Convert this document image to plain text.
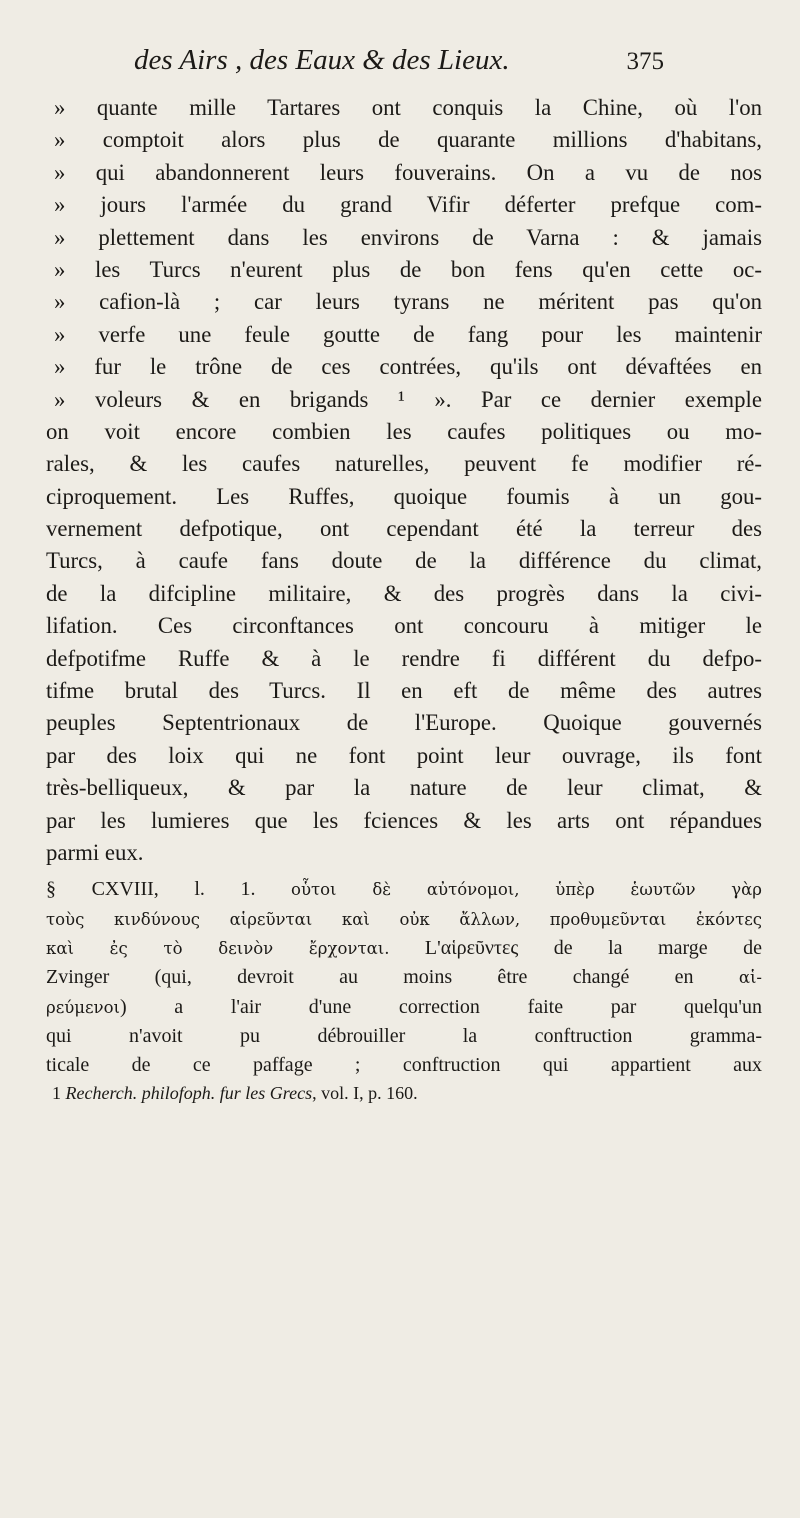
des Airs , des Eaux & des Lieux.	375
» quante mille Tartares ont conquis la Chine, où l'on
» comptoit alors plus de quarante millions d'habitans,
» qui abandonnerent leurs fouverains. On a vu de nos
» jours l'armée du grand Vifir déferter prefque com-
» plettement dans les environs de Varna : & jamais
» les Turcs n'eurent plus de bon fens qu'en cette oc-
» cafion-là ; car leurs tyrans ne méritent pas qu'on
» verfe une feule goutte de fang pour les maintenir
» fur le trône de ces contrées, qu'ils ont dévaftées en
» voleurs & en brigands ¹ ». Par ce dernier exemple
on voit encore combien les caufes politiques ou mo-
rales, & les caufes naturelles, peuvent fe modifier ré-
ciproquement. Les Ruffes, quoique foumis à un gou-
vernement defpotique, ont cependant été la terreur des
Turcs, à caufe fans doute de la différence du climat,
de la difcipline militaire, & des progrès dans la civi-
lifation. Ces circonftances ont concouru à mitiger le
defpotifme Ruffe & à le rendre fi différent du defpo-
tifme brutal des Turcs. Il en eft de même des autres
peuples Septentrionaux de l'Europe. Quoique gouvernés
par des loix qui ne font point leur ouvrage, ils font
très-belliqueux, & par la nature de leur climat, &
par les lumieres que les fciences & les arts ont répandues
parmi eux.
§ CXVIII, l. 1. οὗτοι δὲ αὐτόνομοι, ὑπὲρ ἑωυτῶν γὰρ
τοὺς κινδύνους αἱρεῦνται καὶ οὐκ ἄλλων, προθυμεῦνται ἑκόντες
καὶ ἐς τὸ δεινὸν ἔρχονται. L'αἱρεῦντες de la marge de
Zvinger (qui, devroit au moins être changé en	αἱ-
ρεύμενοι) a l'air d'une correction faite par quelqu'un
qui n'avoit pu débrouiller la conftruction gramma-
ticale de ce paffage ; conftruction qui appartient aux
1 Recherch. philofoph. fur les Grecs, vol. I, p. 160.
